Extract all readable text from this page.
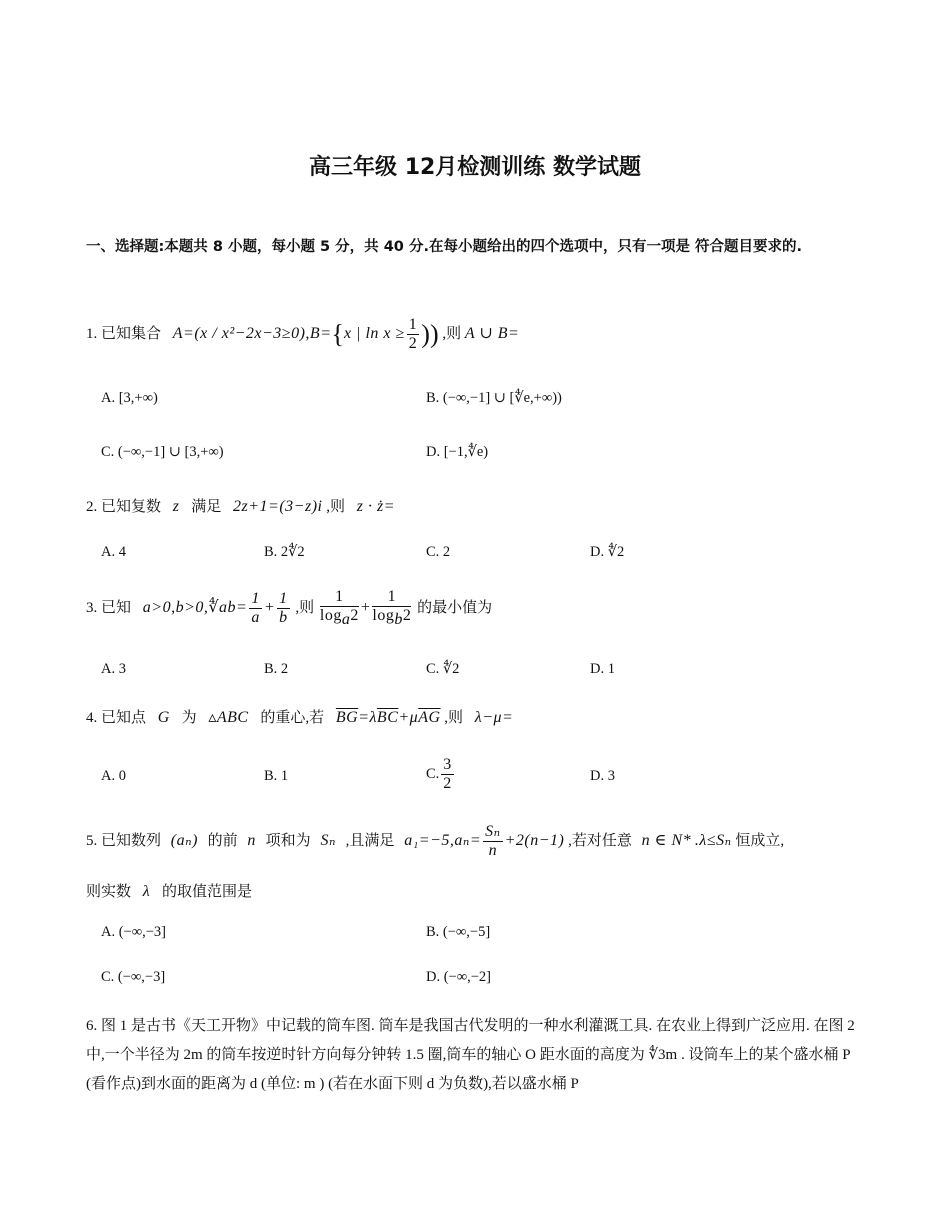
高三年级 12月检测训练 数学试题
一、选择题:本题共 8 小题，每小题 5 分，共 40 分.在每小题给出的四个选项中，只有一项是 符合题目要求的.
1. 已知集合 A=(x / x²−2x−3≥0),B={x | $\ln x \ge \frac{1}{2}$ )) ,则 A ∪ B=
A. [3,+∞)	B. (−∞,−1] ∪ [∜e,+∞))
C. (−∞,−1] ∪ [3,+∞)	D. [−1,∜e)
2. 已知复数 z 满足 2z+1=(3−z)i ,则 z · ż=
A. 4	B. 2∜2	C. 2	D. ∜2
3. 已知 a>0,b>0,∜ab= $\frac{1}{a} + \frac{1}{b}$ ,则 $\frac{1}{\log_a2} + \frac{1}{\log_b2}$ 的最小值为
A. 3	B. 2	C. ∜2	D. 1
4. 已知点 G 为 ▵ABC 的重心,若 $\overline{BG}=\lambda\overline{BC}+\mu\overline{AG}$ ,则 λ−μ=
A. 0	B. 1	C. $\frac{3}{2}$	D. 3
5. 已知数列 (aₙ) 的前 n 项和为 Sₙ ,且满足 $a_1=-5,a_n= \frac{\text{Sₙ}}{n} +2(n-1)$ ,若对任意 n ∈ N* .λ≤Sₙ 恒成立,
则实数 λ 的取值范围是
A. (−∞,−3]	B. (−∞,−5]
C. (−∞,−3]	D. (−∞,−2]
6. 图 1 是古书《天工开物》中记载的筒车图. 筒车是我国古代发明的一种水利灌溉工具. 在农业上得到广泛应用. 在图 2 中,一个半径为 2m 的筒车按逆时针方向每分钟转 1.5 圈,筒车的轴心 O 距水面的高度为 ∜3m . 设筒车上的某个盛水桶 P (看作点)到水面的距离为 d (单位: m ) (若在水面下则 d 为负数),若以盛水桶 P
